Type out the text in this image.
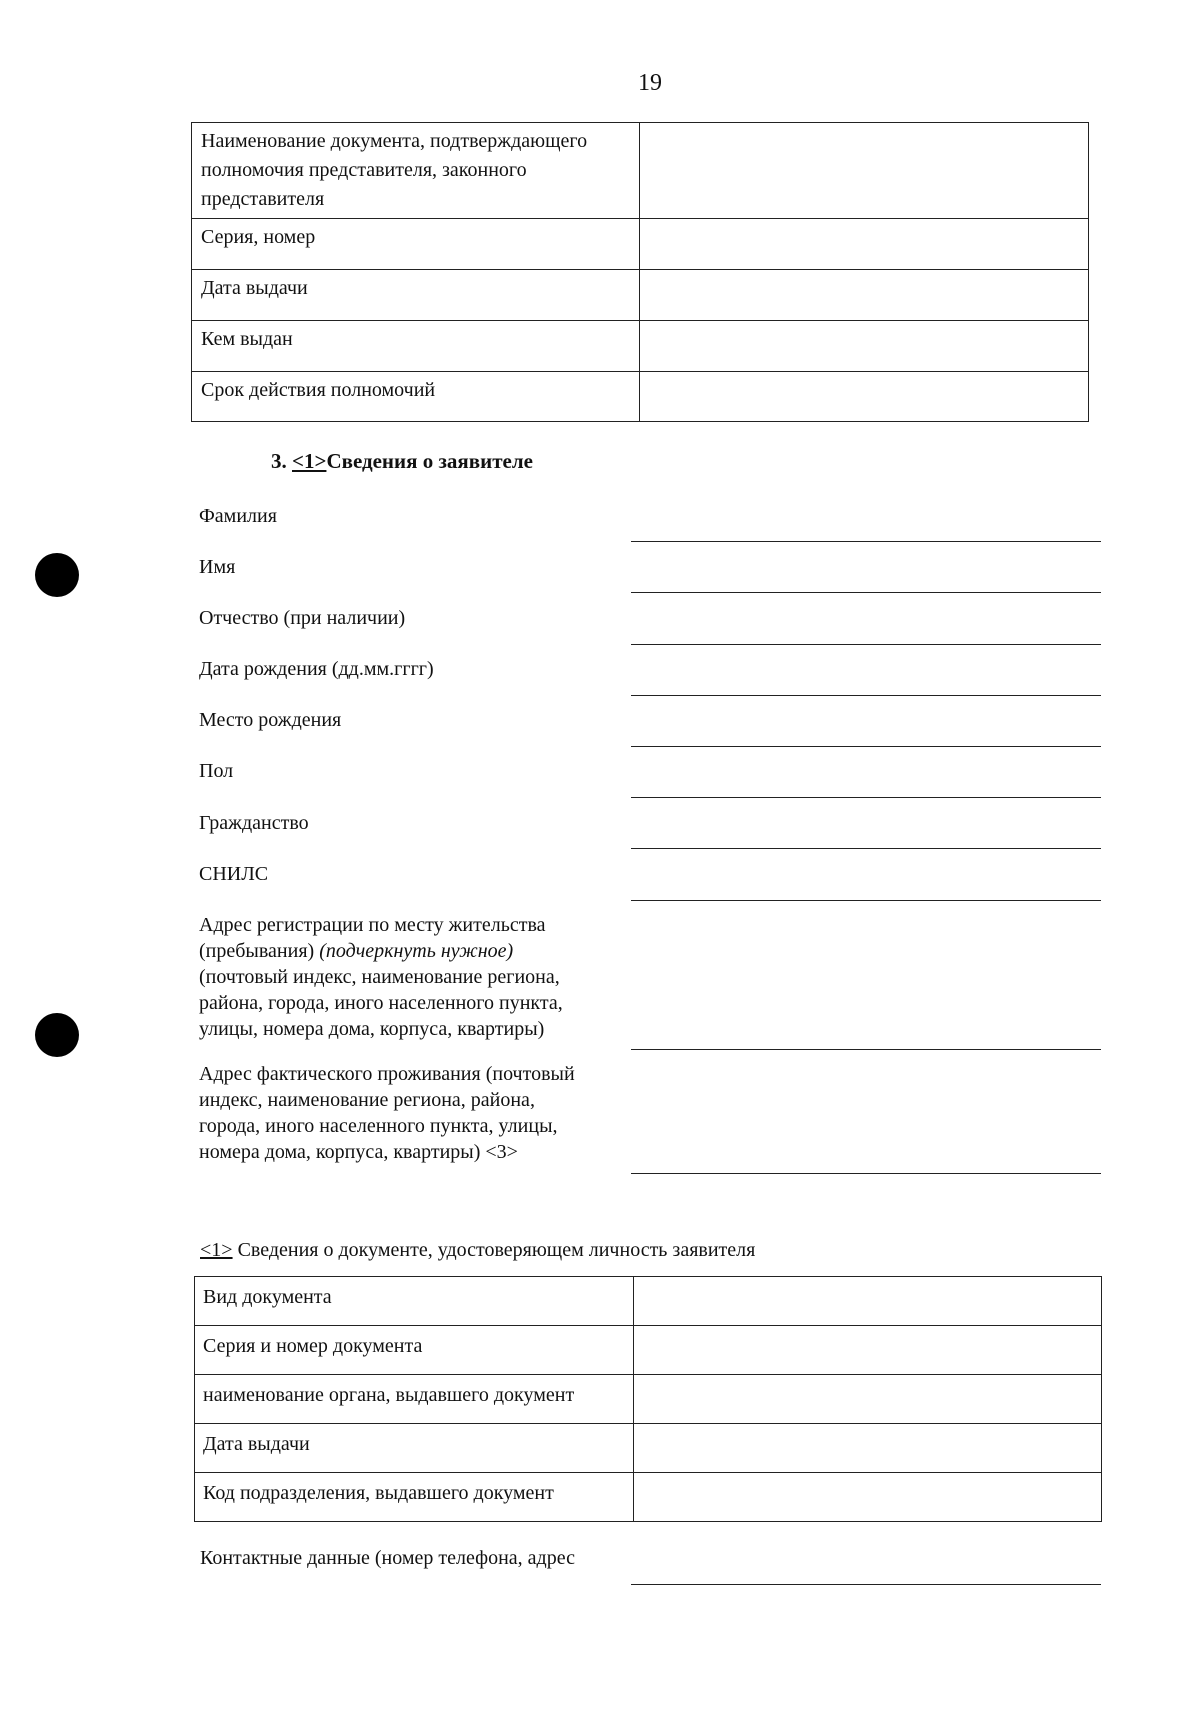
19
Наименование документа, подтверждающего полномочия представителя, законного представителя	
Серия, номер	
Дата выдачи	
Кем выдан	
Срок действия полномочий	
3. <1>Сведения о заявителе
Фамилия
Имя
Отчество (при наличии)
Дата рождения (дд.мм.гггг)
Место рождения
Пол
Гражданство
СНИЛС
Адрес регистрации по месту жительства
(пребывания) (подчеркнуть нужное)
(почтовый индекс, наименование региона,
района, города, иного населенного пункта,
улицы, номера дома, корпуса, квартиры)
Адрес фактического проживания (почтовый
индекс, наименование региона, района,
города, иного населенного пункта, улицы,
номера дома, корпуса, квартиры) <3>
<1> Сведения о документе, удостоверяющем личность заявителя
Вид документа	
Серия и номер документа	
наименование органа, выдавшего документ	
Дата выдачи	
Код подразделения, выдавшего документ	
Контактные данные (номер телефона, адрес
